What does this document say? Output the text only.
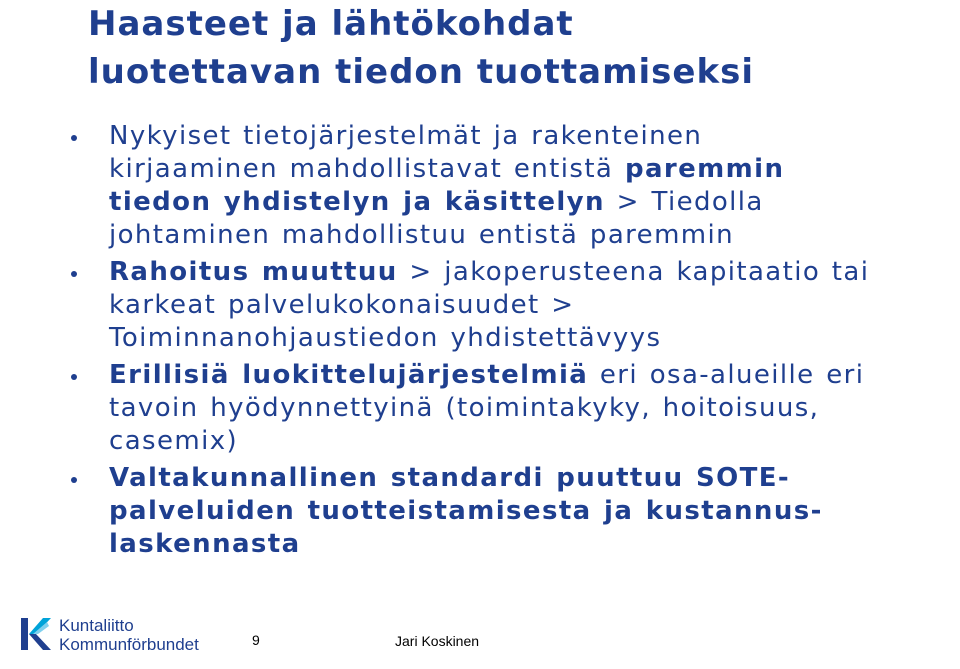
Haasteet ja lähtökohdat
luotettavan tiedon tuottamiseksi
Nykyiset tietojärjestelmät ja rakenteinen
kirjaaminen mahdollistavat entistä paremmin
tiedon yhdistelyn ja käsittelyn > Tiedolla
johtaminen mahdollistuu entistä paremmin
Rahoitus muuttuu > jakoperusteena kapitaatio tai
karkeat palvelukokonaisuudet >
Toiminnanohjaustiedon yhdistettävyys
Erillisiä luokittelujärjestelmiä eri osa-alueille eri
tavoin hyödynnettyinä (toimintakyky, hoitoisuus,
casemix)
Valtakunnallinen standardi puuttuu SOTE-
palveluiden tuotteistamisesta ja kustannus-
laskennasta
Kuntaliitto
Kommunförbundet	9	Jari Koskinen
